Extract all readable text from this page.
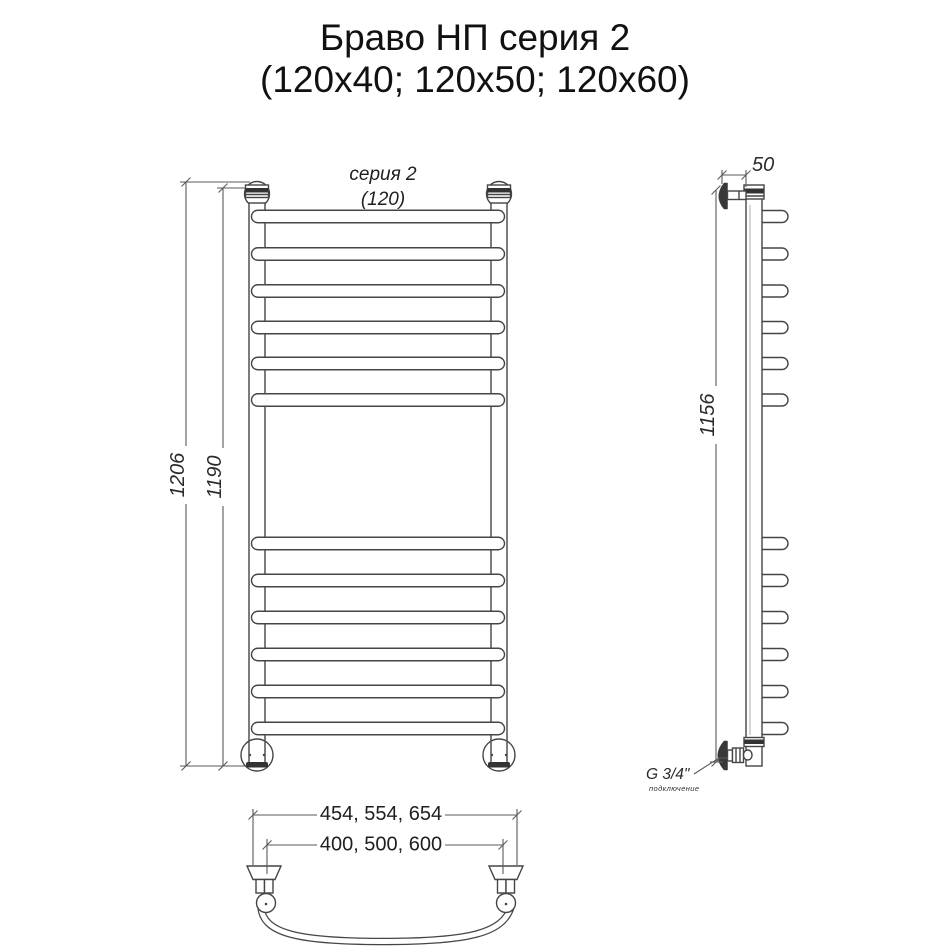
Браво НП серия 2
(120x40; 120x50; 120x60)
1206 1190
серия 2
(120)
50
1156
G 3/4"
подключение
454, 554, 654
400, 500, 600
